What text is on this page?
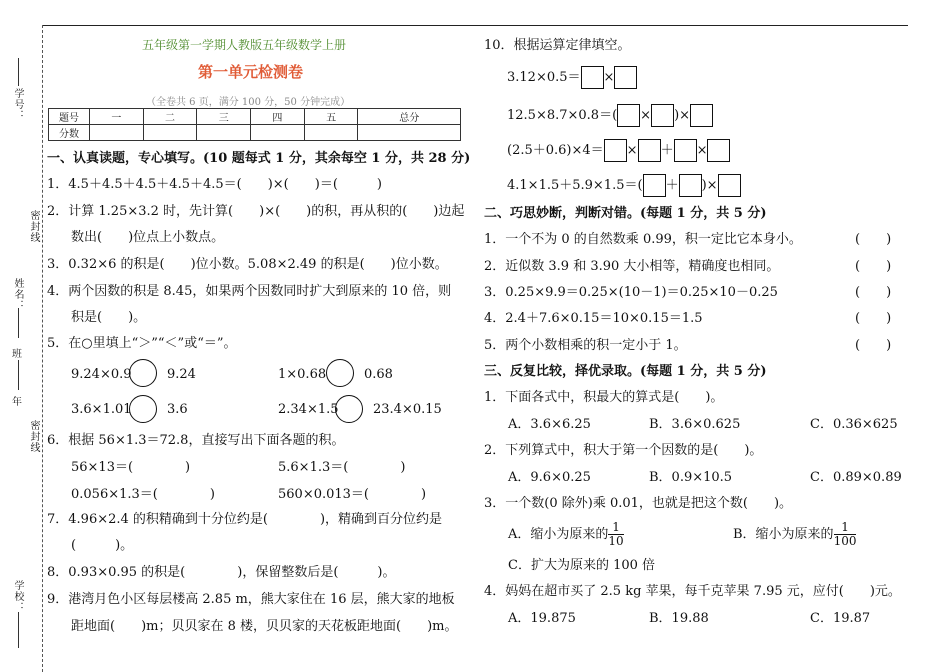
学号：
密封线
姓名：
班
年
密封线
学校：
五年级第一学期人教版五年级数学上册
第一单元检测卷
（全卷共 6 页，满分 100 分，50 分钟完成）
题号	一	二	三	四	五	总分
分数						
一、认真读题，专心填写。(10 题每式 1 分，其余每空 1 分，共 28 分)
1．4.5＋4.5＋4.5＋4.5＋4.5＝(　　)×(　　)＝(　　　)
2．计算 1.25×3.2 时，先计算(　　)×(　　)的积，再从积的(　　)边起
数出(　　)位点上小数点。
3．0.32×6 的积是(　　)位小数。5.08×2.49 的积是(　　)位小数。
4．两个因数的积是 8.45，如果两个因数同时扩大到原来的 10 倍，则
积是(　　)。
5．在○里填上“＞”“＜”或“＝”。
9.24×0.9	9.24	1×0.68	0.68
3.6×1.01	3.6	2.34×1.5	23.4×0.15
6．根据 56×1.3＝72.8，直接写出下面各题的积。
56×13＝(　　　　)	5.6×1.3＝(　　　　)
0.056×1.3＝(　　　　)	560×0.013＝(　　　　)
7．4.96×2.4 的积精确到十分位约是(　　　　)，精确到百分位约是
(　　　)。
8．0.93×0.95 的积是(　　　　)，保留整数后是(　　　)。
9．港湾月色小区每层楼高 2.85 m，熊大家住在 16 层，熊大家的地板
距地面(　　)m；贝贝家在 8 楼，贝贝家的天花板距地面(　　)m。
10．根据运算定律填空。
3.12×0.5＝ ×
12.5×8.7×0.8＝( × )×
(2.5＋0.6)×4＝ × ＋ ×
4.1×1.5＋5.9×1.5＝( ＋ )×
二、巧思妙断，判断对错。(每题 1 分，共 5 分)
1．一个不为 0 的自然数乘 0.99，积一定比它本身小。	(　　)
2．近似数 3.9 和 3.90 大小相等，精确度也相同。	(　　)
3．0.25×9.9＝0.25×(10－1)＝0.25×10－0.25	(　　)
4．2.4＋7.6×0.15＝10×0.15＝1.5	(　　)
5．两个小数相乘的积一定小于 1。	(　　)
三、反复比较，择优录取。(每题 1 分，共 5 分)
1．下面各式中，积最大的算式是(　　)。
A．3.6×6.25	B．3.6×0.625	C．0.36×625
2．下列算式中，积大于第一个因数的是(　　)。
A．9.6×0.25	B．0.9×10.5	C．0.89×0.89
3．一个数(0 除外)乘 0.01，也就是把这个数(　　)。
A．缩小为原来的 $\frac{1}{10}$	B．缩小为原来的 $\frac{1}{100}$
C．扩大为原来的 100 倍
4．妈妈在超市买了 2.5 kg 苹果，每千克苹果 7.95 元，应付(　　)元。
A．19.875	B．19.88	C．19.87
